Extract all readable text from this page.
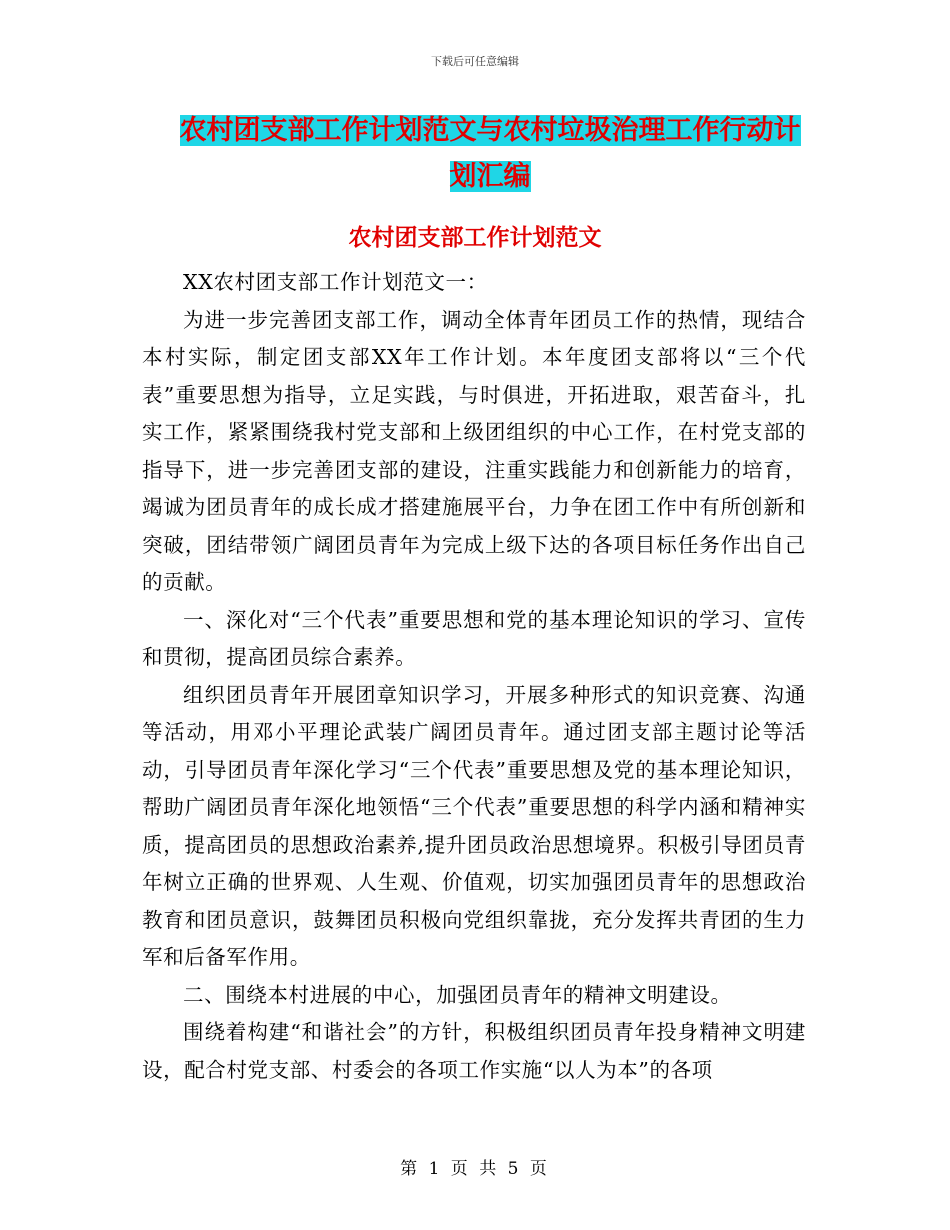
下载后可任意编辑
农村团支部工作计划范文与农村垃圾治理工作行动计
划汇编
农村团支部工作计划范文

XX农村团支部工作计划范文一：

为进一步完善团支部工作，调动全体青年团员工作的热情，现结合本村实际，制定团支部XX年工作计划。本年度团支部将以“三个代表”重要思想为指导，立足实践，与时俱进，开拓进取，艰苦奋斗，扎实工作，紧紧围绕我村党支部和上级团组织的中心工作，在村党支部的指导下，进一步完善团支部的建设，注重实践能力和创新能力的培育，竭诚为团员青年的成长成才搭建施展平台，力争在团工作中有所创新和突破，团结带领广阔团员青年为完成上级下达的各项目标任务作出自己的贡献。

一、深化对“三个代表”重要思想和党的基本理论知识的学习、宣传和贯彻，提高团员综合素养。

组织团员青年开展团章知识学习，开展多种形式的知识竞赛、沟通等活动，用邓小平理论武装广阔团员青年。通过团支部主题讨论等活动，引导团员青年深化学习“三个代表”重要思想及党的基本理论知识，帮助广阔团员青年深化地领悟“三个代表”重要思想的科学内涵和精神实质，提高团员的思想政治素养,提升团员政治思想境界。积极引导团员青年树立正确的世界观、人生观、价值观，切实加强团员青年的思想政治教育和团员意识，鼓舞团员积极向党组织靠拢，充分发挥共青团的生力军和后备军作用。

二、围绕本村进展的中心，加强团员青年的精神文明建设。

围绕着构建“和谐社会”的方针，积极组织团员青年投身精神文明建设，配合村党支部、村委会的各项工作实施“以人为本”的各项

第 1 页 共 5 页
